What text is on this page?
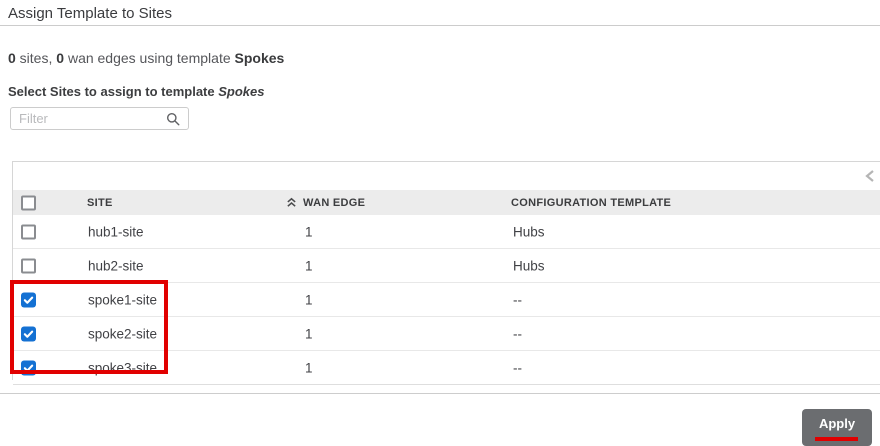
Assign Template to Sites
0 sites, 0 wan edges using template Spokes
Select Sites to assign to template Spokes
Filter
SITE	WAN EDGE	CONFIGURATION TEMPLATE
hub1-site	1	Hubs
hub2-site	1	Hubs
spoke1-site	1	--
spoke2-site	1	--
spoke3-site	1	--
Apply
